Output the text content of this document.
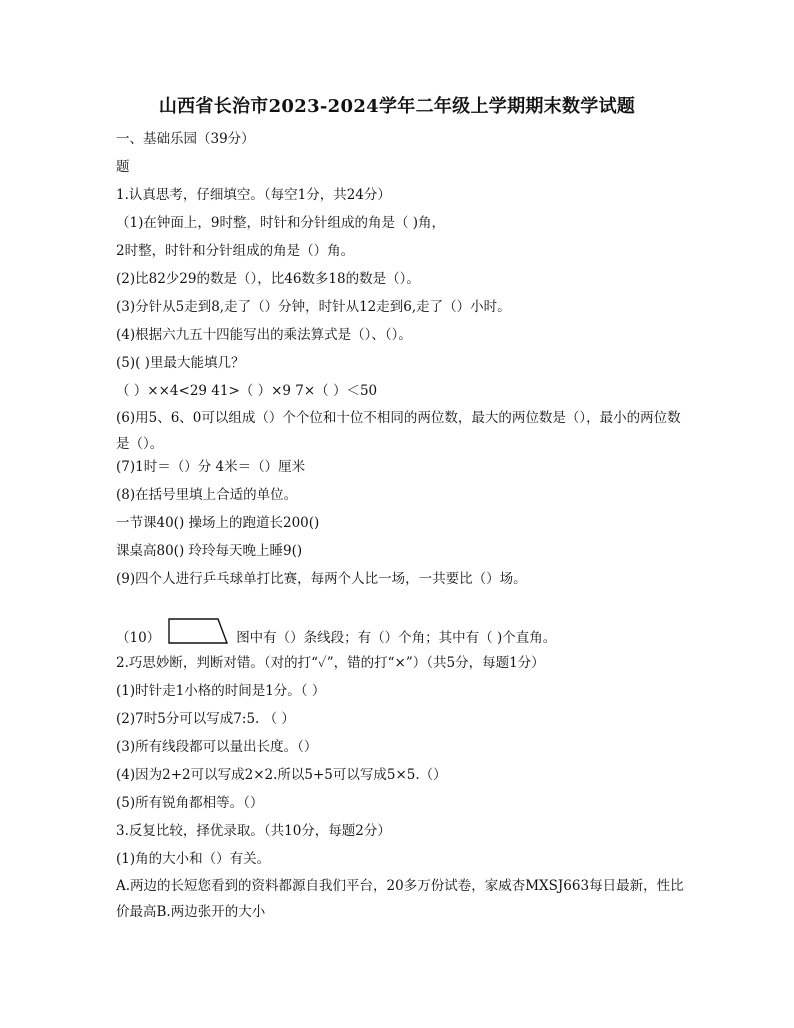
山西省长治市2023-2024学年二年级上学期期末数学试题
一、基础乐园（39分）
题
1.认真思考，仔细填空。（每空1分，共24分）
（1)在钟面上，9时整，时针和分针组成的角是（ )角，
2时整，时针和分针组成的角是（）角。
(2)比82少29的数是（），比46数多18的数是（）。
(3)分针从5走到8,走了（）分钟，时针从12走到6,走了（）小时。
(4)根据六九五十四能写出的乘法算式是（）、（）。
(5)( )里最大能填几？
（ ）××4<29 41>（ ）×9 7×（ ）＜50
(6)用5、6、0可以组成（）个个位和十位不相同的两位数，最大的两位数是（），最小的两位数是（）。
(7)1时＝（）分 4米＝（）厘米
(8)在括号里填上合适的单位。
一节课40() 操场上的跑道长200()
课桌高80() 玲玲每天晚上睡9()
(9)四个人进行乒乓球单打比赛，每两个人比一场，一共要比（）场。
（10）	图中有（）条线段；有（）个角；其中有（ )个直角。
2.巧思妙断，判断对错。（对的打“✓”，错的打“×”）（共5分，每题1分）
(1)时针走1小格的时间是1分。（ ）
(2)7时5分可以写成7:5. （ ）
(3)所有线段都可以量出长度。（）
(4)因为2+2可以写成2×2.所以5+5可以写成5×5.（）
(5)所有锐角都相等。（）
3.反复比较，择优录取。（共10分，每题2分）
(1)角的大小和（）有关。
A.两边的长短您看到的资料都源自我们平台，20多万份试卷，家威杏MXSJ663每日最新，性比价最高B.两边张开的大小
